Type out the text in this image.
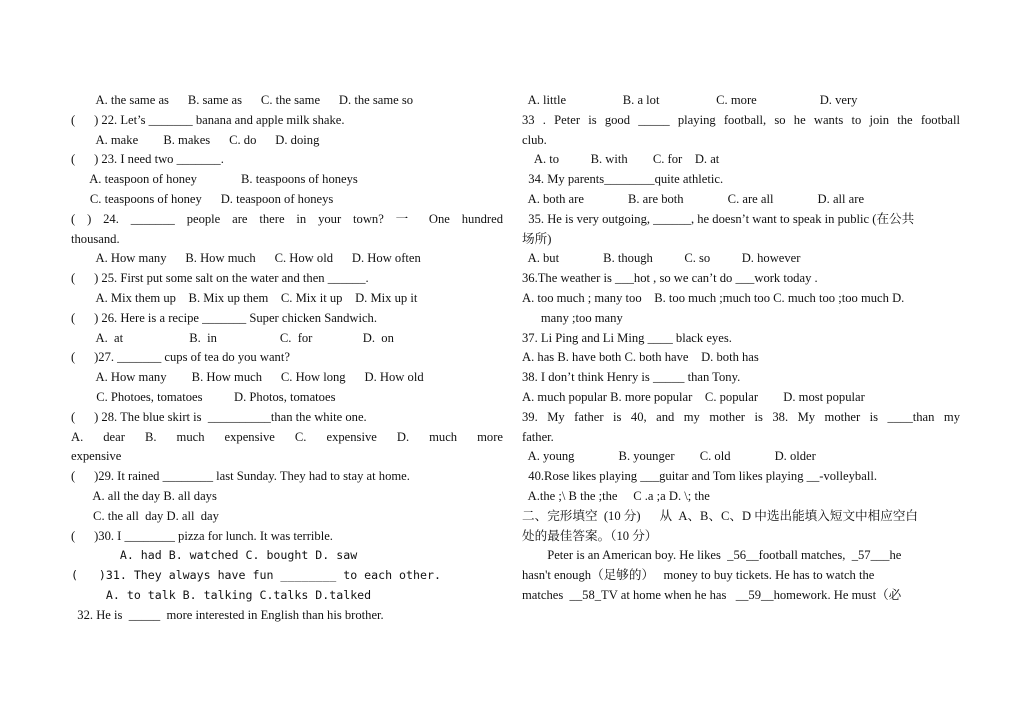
A. the same as      B. same as      C. the same      D. the same so
(      ) 22. Let’s _______ banana and apple milk shake.
A. make        B. makes      C. do      D. doing
(      ) 23. I need two _______.
A. teaspoon of honey              B. teaspoons of honeys
C. teaspoons of honey      D. teaspoon of honeys
( ) 24. _______ people are there in your town? 一 One hundred
thousand.
A. How many      B. How much      C. How old      D. How often
(      ) 25. First put some salt on the water and then ______.
A. Mix them up    B. Mix up them    C. Mix it up    D. Mix up it
(      ) 26. Here is a recipe _______ Super chicken Sandwich.
A.  at                     B.  in                    C.  for                D.  on
(      )27. _______ cups of tea do you want?
A. How many        B. How much      C. How long      D. How old
C. Photoes, tomatoes          D. Photos, tomatoes
(      ) 28. The blue skirt is  __________than the white one.
A. dear B. much expensive C. expensive D. much more
expensive
(      )29. It rained ________ last Sunday. They had to stay at home.
A. all the day B. all days
C. the all  day D. all  day
(      )30. I ________ pizza for lunch. It was terrible.
A. had B. watched C. bought D. saw
(   )31. They always have fun ________ to each other.
A. to talk B. talking C.talks D.talked
32. He is  _____  more interested in English than his brother.
A. little                  B. a lot                  C. more                    D. very
33 . Peter is good _____ playing football, so he wants to join the football
club.
A. to          B. with        C. for    D. at
34. My parents________quite athletic.
A. both are              B. are both              C. are all              D. all are
35. He is very outgoing, ______, he doesn’t want to speak in public (在公共
场所)
A. but              B. though          C. so          D. however
36.The weather is ___hot , so we can’t do ___work today .
A. too much ; many too    B. too much ;much too C. much too ;too much D.
many ;too many
37. Li Ping and Li Ming ____ black eyes.
A. has B. have both C. both have    D. both has
38. I don’t think Henry is _____ than Tony.
A. much popular B. more popular    C. popular        D. most popular
39. My father is 40, and my mother is 38. My mother is ____than my
father.
A. young              B. younger        C. old              D. older
40.Rose likes playing ___guitar and Tom likes playing __-volleyball.
A.the ;\ B the ;the     C .a ;a D. \; the
二、完形填空  (10 分)      从  A、B、C、D 中选出能填入短文中相应空白
处的最佳答案。（10 分）
Peter is an American boy. He likes  _56__football matches,  _57___he
hasn't enough（足够的）   money to buy tickets. He has to watch the
matches  __58_TV at home when he has   __59__homework. He must（必
